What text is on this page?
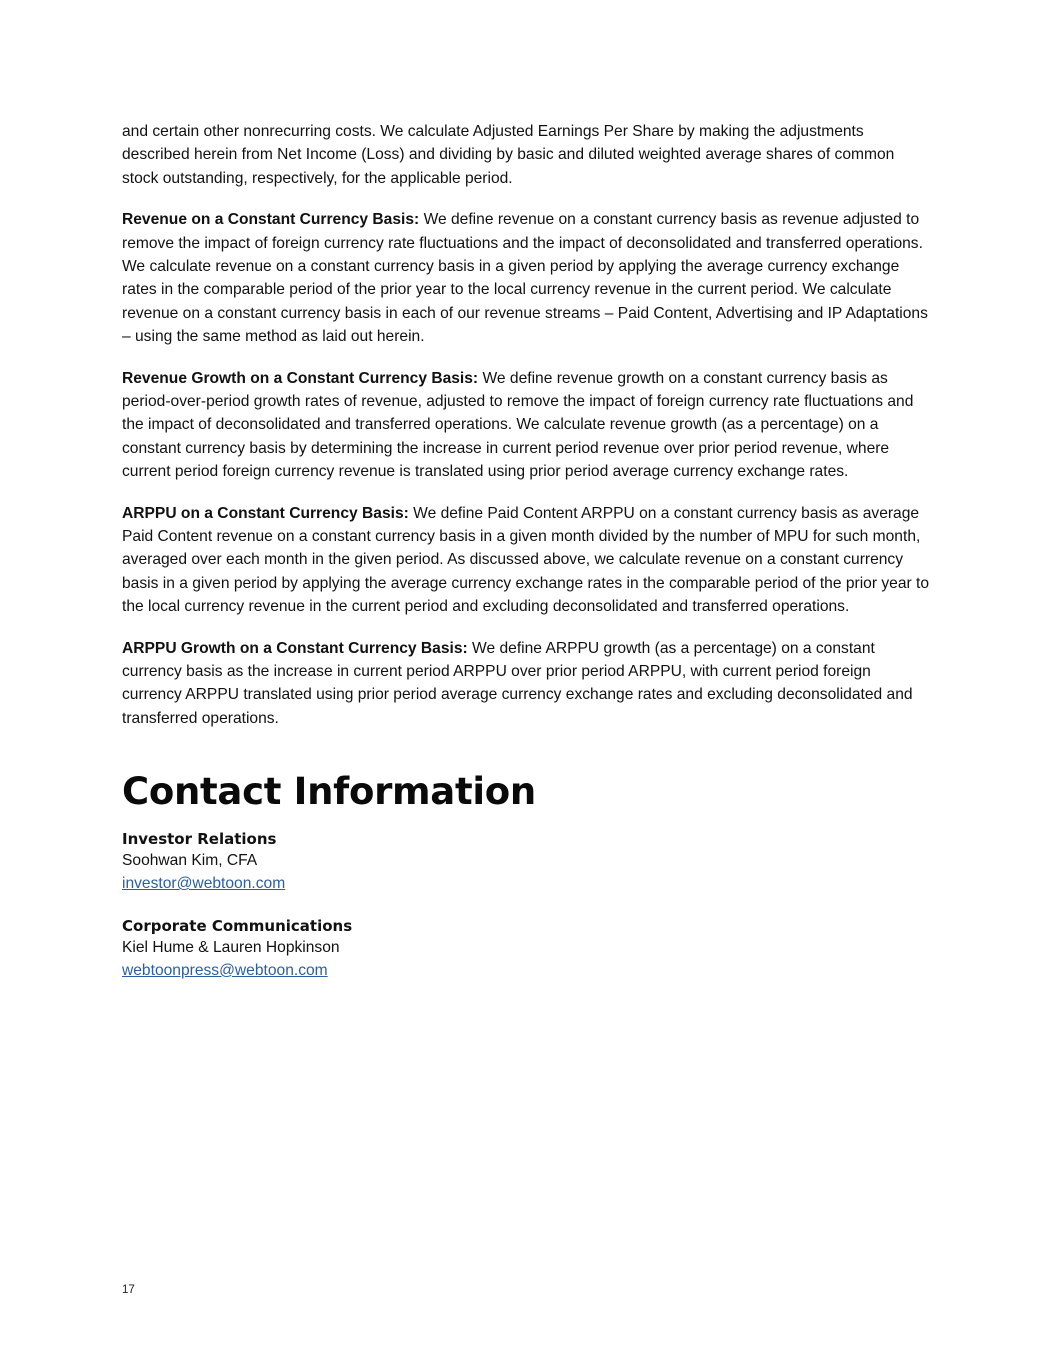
and certain other nonrecurring costs. We calculate Adjusted Earnings Per Share by making the adjustments described herein from Net Income (Loss) and dividing by basic and diluted weighted average shares of common stock outstanding, respectively, for the applicable period.

Revenue on a Constant Currency Basis: We define revenue on a constant currency basis as revenue adjusted to remove the impact of foreign currency rate fluctuations and the impact of deconsolidated and transferred operations. We calculate revenue on a constant currency basis in a given period by applying the average currency exchange rates in the comparable period of the prior year to the local currency revenue in the current period. We calculate revenue on a constant currency basis in each of our revenue streams – Paid Content, Advertising and IP Adaptations – using the same method as laid out herein.

Revenue Growth on a Constant Currency Basis: We define revenue growth on a constant currency basis as period-over-period growth rates of revenue, adjusted to remove the impact of foreign currency rate fluctuations and the impact of deconsolidated and transferred operations. We calculate revenue growth (as a percentage) on a constant currency basis by determining the increase in current period revenue over prior period revenue, where current period foreign currency revenue is translated using prior period average currency exchange rates.

ARPPU on a Constant Currency Basis: We define Paid Content ARPPU on a constant currency basis as average Paid Content revenue on a constant currency basis in a given month divided by the number of MPU for such month, averaged over each month in the given period. As discussed above, we calculate revenue on a constant currency basis in a given period by applying the average currency exchange rates in the comparable period of the prior year to the local currency revenue in the current period and excluding deconsolidated and transferred operations.

ARPPU Growth on a Constant Currency Basis: We define ARPPU growth (as a percentage) on a constant currency basis as the increase in current period ARPPU over prior period ARPPU, with current period foreign currency ARPPU translated using prior period average currency exchange rates and excluding deconsolidated and transferred operations.

Contact Information
Investor Relations
Soohwan Kim, CFA
investor@webtoon.com
Corporate Communications
Kiel Hume & Lauren Hopkinson
webtoonpress@webtoon.com
17
